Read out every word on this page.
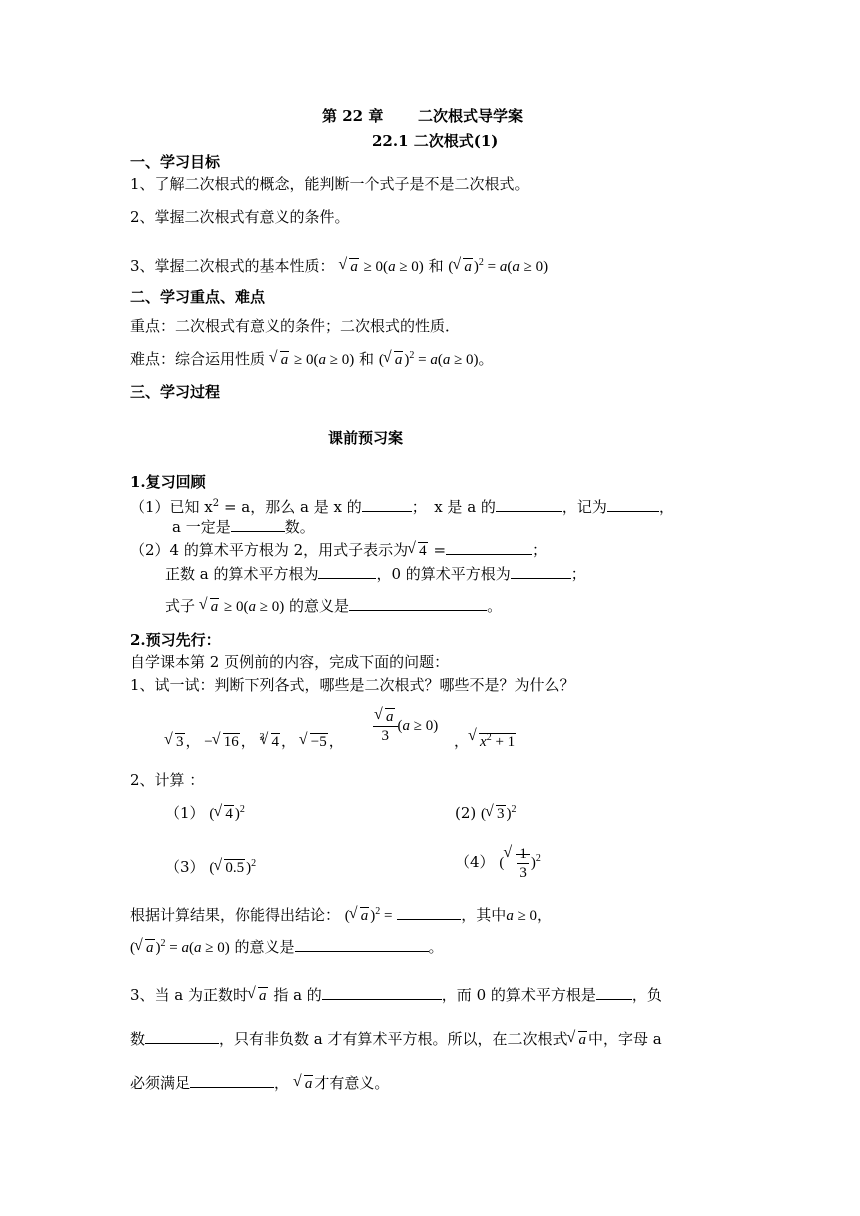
第 22 章 二次根式导学案
22.1 二次根式(1)
一、学习目标
1、了解二次根式的概念，能判断一个式子是不是二次根式。
2、掌握二次根式有意义的条件。
3、掌握二次根式的基本性质： √ a ≥ 0(a ≥ 0) 和 ( √ a )$^2$ = a(a ≥ 0)
二、学习重点、难点
重点：二次根式有意义的条件；二次根式的性质．
难点：综合运用性质 √ a ≥ 0(a ≥ 0) 和 ( √ a )$^2$ = a(a ≥ 0)。
三、学习过程
课前预习案
1.复习回顾
（1）已知 $x^2 = a$，那么 a 是 x 的	；　x 是 a 的	，记为	，
a 一定是	数。
（2）4 的算术平方根为 2，用式子表示为 √ 4 =	；
正数 a 的算术平方根为	，0 的算术平方根为	；
式子 √ a ≥ 0(a ≥ 0) 的意义是	。
2.预习先行：
自学课本第 2 页例前的内容，完成下面的问题：
1、试一试：判断下列各式，哪些是二次根式？哪些不是？为什么？
√ 3 ， − √ 16 ， $^3$ √ 4 ， √ −5 ， √ $\frac{a}{3} (a \ge 0)$
， √ $x^2 + 1$
2、计算 ：
（1） ( √ 4 )$^2$	(2) ( √ 3 )$^2$
（3） ( √ 0.5 )$^2$	（4） ( √ $\frac{1}{3} )^2$
根据计算结果，你能得出结论： ( √ a )$^2$ =	，其中a ≥ 0，
( √ a )$^2$ = a(a ≥ 0) 的意义是	。
3、当 a 为正数时 √ a 指 a 的	，而 0 的算术平方根是 ，负
数	，只有非负数 a 才有算术平方根。所以，在二次根式 √ a 中，字母 a
必须满足	， √ a 才有意义。
